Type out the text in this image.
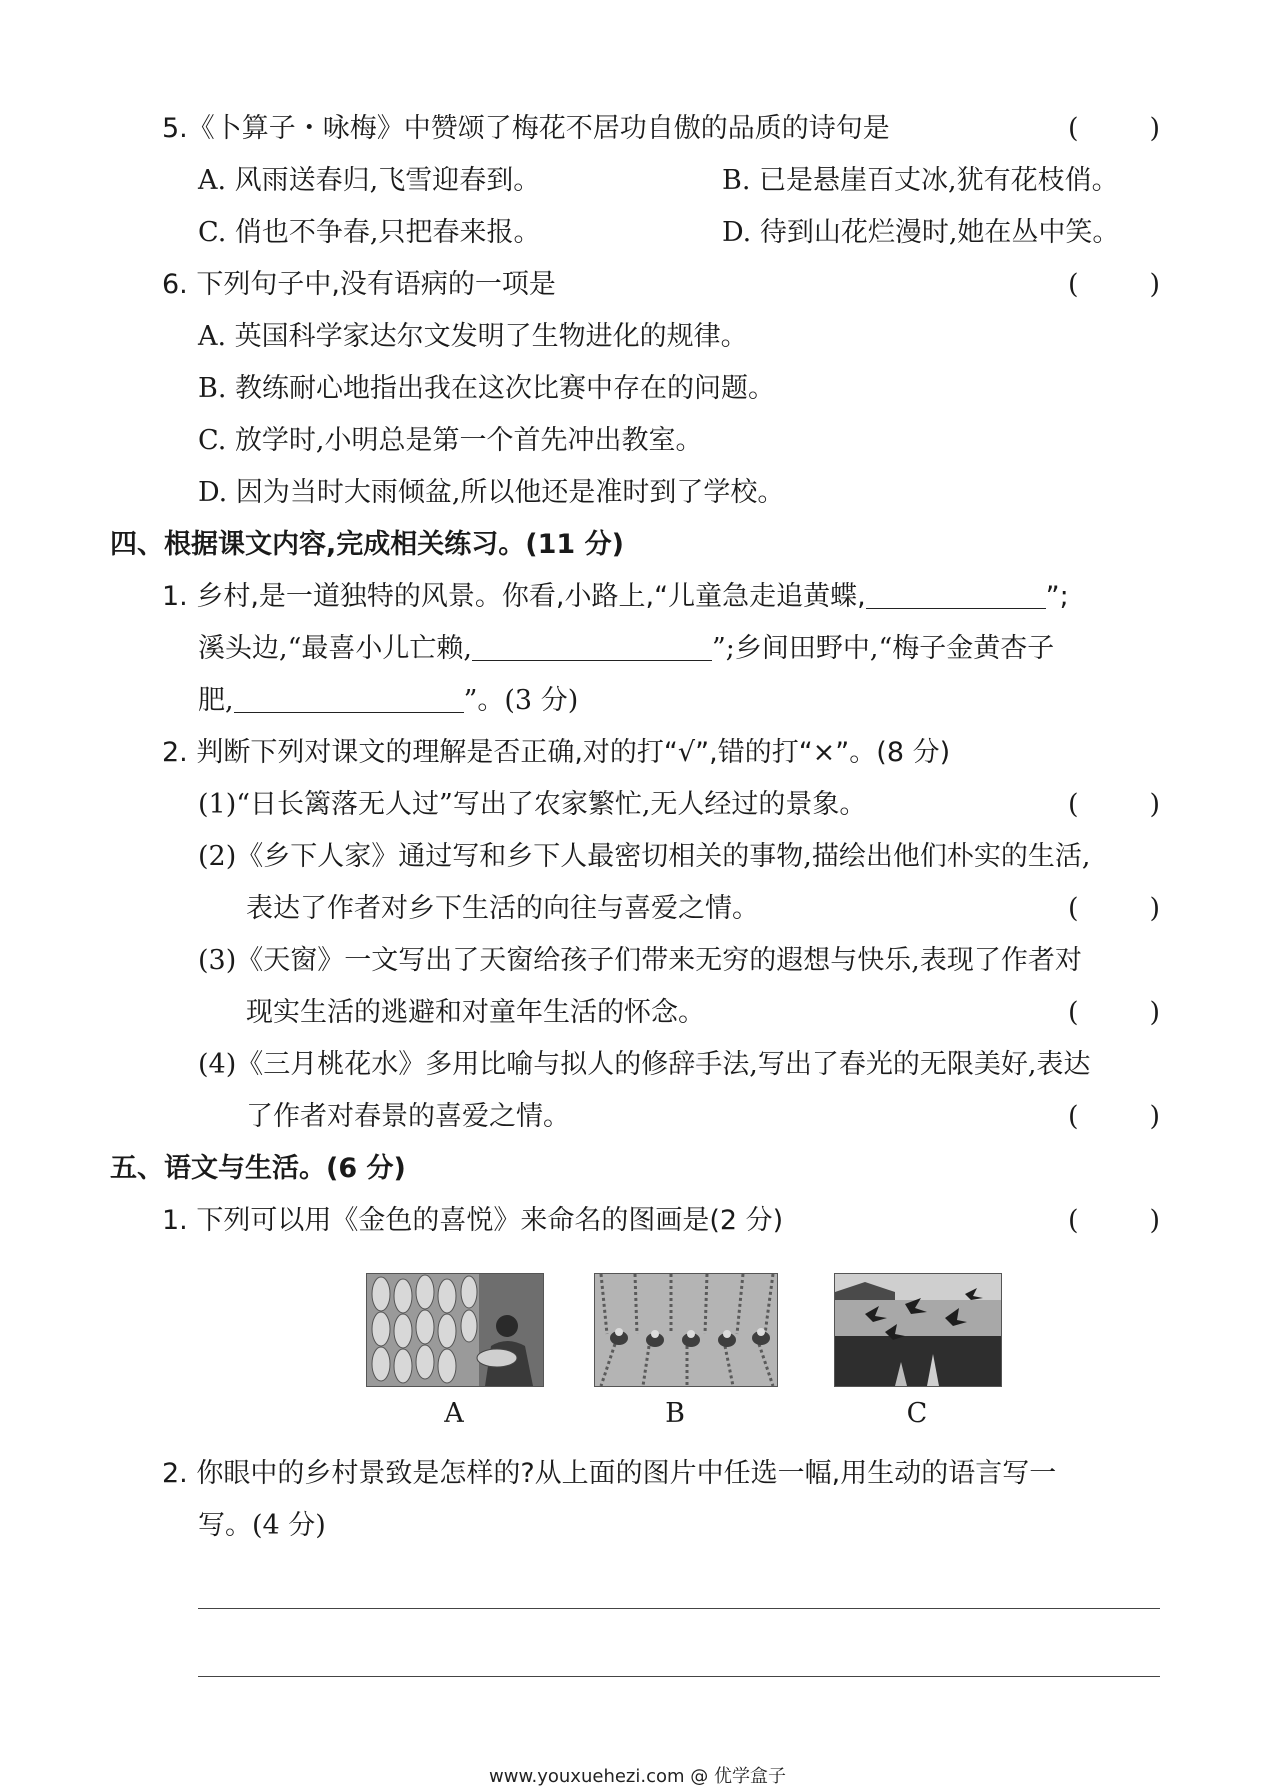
5.《卜算子・咏梅》中赞颂了梅花不居功自傲的品质的诗句是	(	)
A. 风雨送春归,飞雪迎春到。	B. 已是悬崖百丈冰,犹有花枝俏。
C. 俏也不争春,只把春来报。	D. 待到山花烂漫时,她在丛中笑。
6. 下列句子中,没有语病的一项是	(	)
A. 英国科学家达尔文发明了生物进化的规律。
B. 教练耐心地指出我在这次比赛中存在的问题。
C. 放学时,小明总是第一个首先冲出教室。
D. 因为当时大雨倾盆,所以他还是准时到了学校。
四、根据课文内容,完成相关练习。(11 分)
1. 乡村,是一道独特的风景。你看,小路上,“儿童急走追黄蝶,	”;
溪头边,“最喜小儿亡赖,	”;乡间田野中,“梅子金黄杏子
肥,	”。(3 分)
2. 判断下列对课文的理解是否正确,对的打“√”,错的打“×”。(8 分)
(1)“日长篱落无人过”写出了农家繁忙,无人经过的景象。	(	)
(2)《乡下人家》通过写和乡下人最密切相关的事物,描绘出他们朴实的生活,
表达了作者对乡下生活的向往与喜爱之情。	(	)
(3)《天窗》一文写出了天窗给孩子们带来无穷的遐想与快乐,表现了作者对
现实生活的逃避和对童年生活的怀念。	(	)
(4)《三月桃花水》多用比喻与拟人的修辞手法,写出了春光的无限美好,表达
了作者对春景的喜爱之情。	(	)
五、语文与生活。(6 分)
1. 下列可以用《金色的喜悦》来命名的图画是(2 分)	(	)
A	B	C
2. 你眼中的乡村景致是怎样的?从上面的图片中任选一幅,用生动的语言写一
写。(4 分)
www.youxuehezi.com @ 优学盒子
